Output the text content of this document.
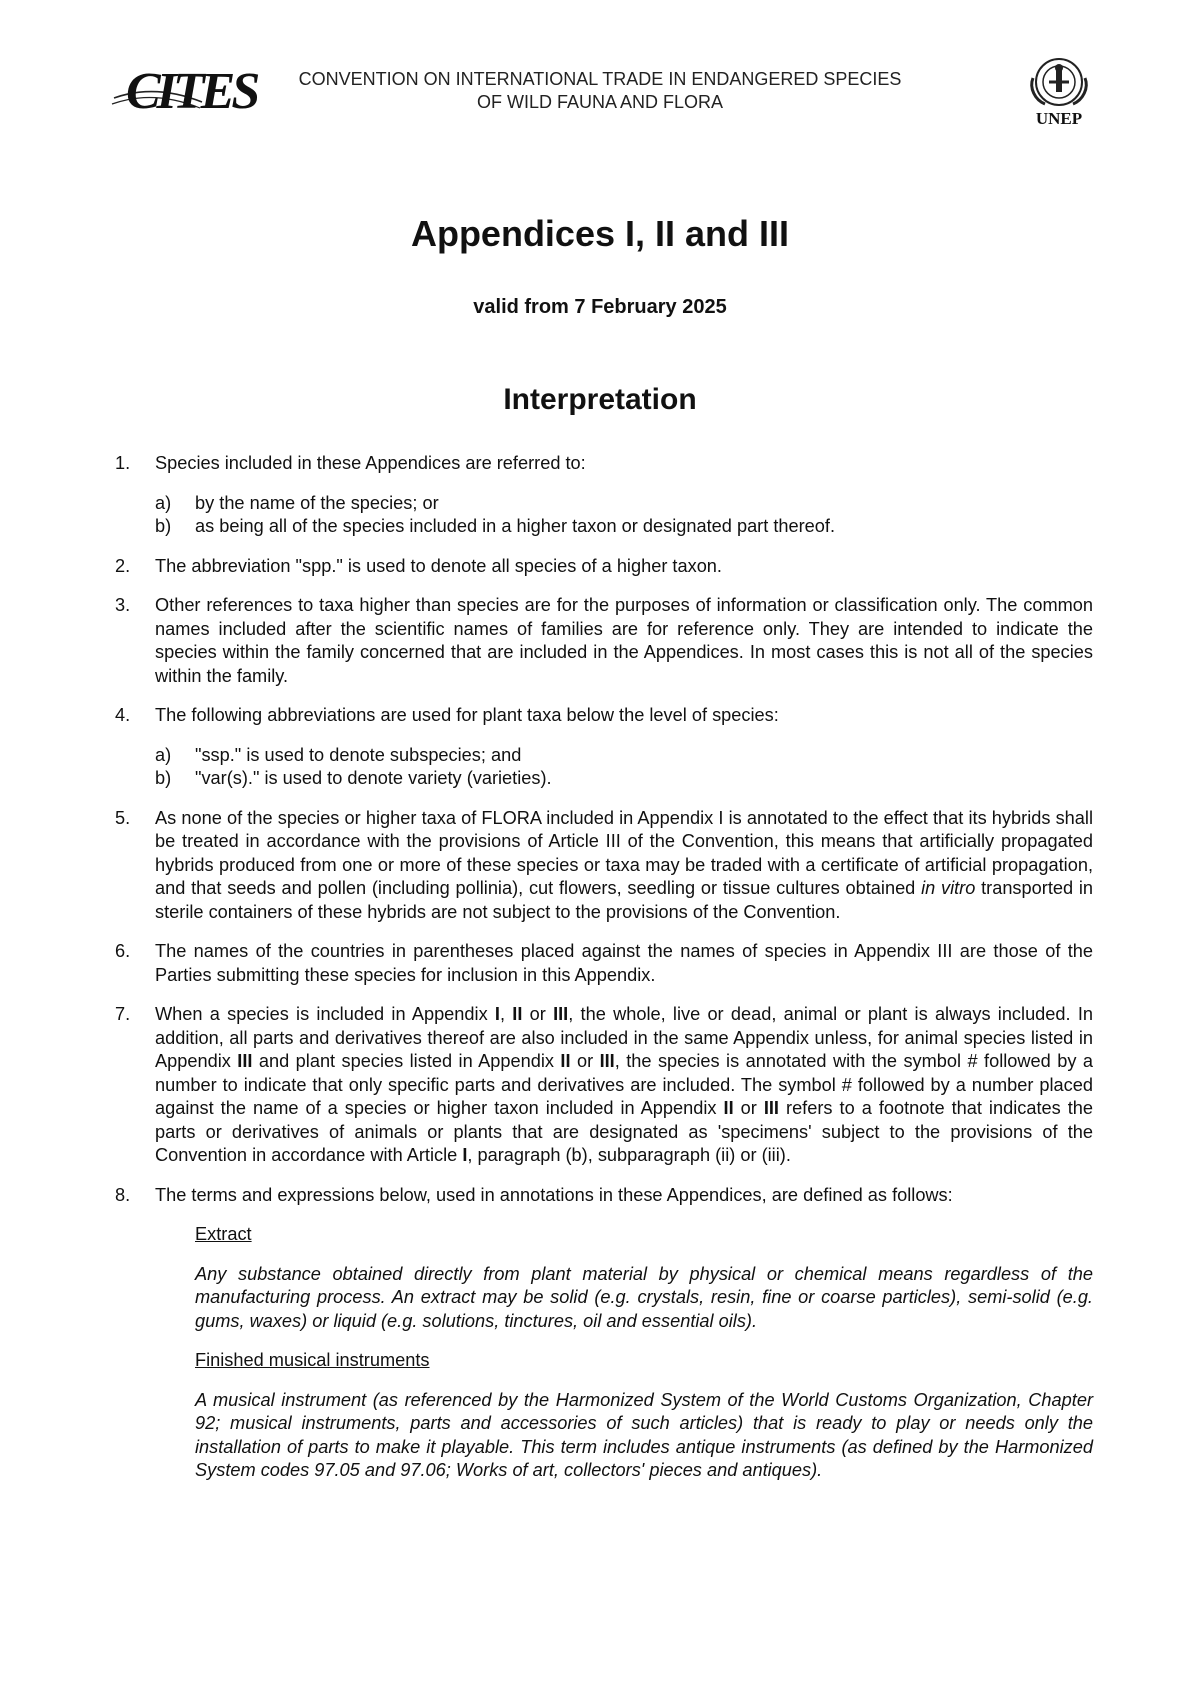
CITES	CONVENTION ON INTERNATIONAL TRADE IN ENDANGERED SPECIES
OF WILD FAUNA AND FLORA
UNEP
Appendices I, II and III
valid from 7 February 2025
Interpretation
1. Species included in these Appendices are referred to:

a) by the name of the species; or
b) as being all of the species included in a higher taxon or designated part thereof.
2. The abbreviation "spp." is used to denote all species of a higher taxon.

3. Other references to taxa higher than species are for the purposes of information or classification only. The common names included after the scientific names of families are for reference only. They are intended to indicate the species within the family concerned that are included in the Appendices. In most cases this is not all of the species within the family.

4. The following abbreviations are used for plant taxa below the level of species:

a) "ssp." is used to denote subspecies; and
b) "var(s)." is used to denote variety (varieties).
5. As none of the species or higher taxa of FLORA included in Appendix I is annotated to the effect that its hybrids shall be treated in accordance with the provisions of Article III of the Convention, this means that artificially propagated hybrids produced from one or more of these species or taxa may be traded with a certificate of artificial propagation, and that seeds and pollen (including pollinia), cut flowers, seedling or tissue cultures obtained in vitro transported in sterile containers of these hybrids are not subject to the provisions of the Convention.

6. The names of the countries in parentheses placed against the names of species in Appendix III are those of the Parties submitting these species for inclusion in this Appendix.

7. When a species is included in Appendix I, II or III, the whole, live or dead, animal or plant is always included. In addition, all parts and derivatives thereof are also included in the same Appendix unless, for animal species listed in Appendix III and plant species listed in Appendix II or III, the species is annotated with the symbol # followed by a number to indicate that only specific parts and derivatives are included. The symbol # followed by a number placed against the name of a species or higher taxon included in Appendix II or III refers to a footnote that indicates the parts or derivatives of animals or plants that are designated as 'specimens' subject to the provisions of the Convention in accordance with Article I, paragraph (b), subparagraph (ii) or (iii).

8. The terms and expressions below, used in annotations in these Appendices, are defined as follows:

Extract
Any substance obtained directly from plant material by physical or chemical means regardless of the manufacturing process. An extract may be solid (e.g. crystals, resin, fine or coarse particles), semi-solid (e.g. gums, waxes) or liquid (e.g. solutions, tinctures, oil and essential oils).
Finished musical instruments
A musical instrument (as referenced by the Harmonized System of the World Customs Organization, Chapter 92; musical instruments, parts and accessories of such articles) that is ready to play or needs only the installation of parts to make it playable. This term includes antique instruments (as defined by the Harmonized System codes 97.05 and 97.06; Works of art, collectors' pieces and antiques).
